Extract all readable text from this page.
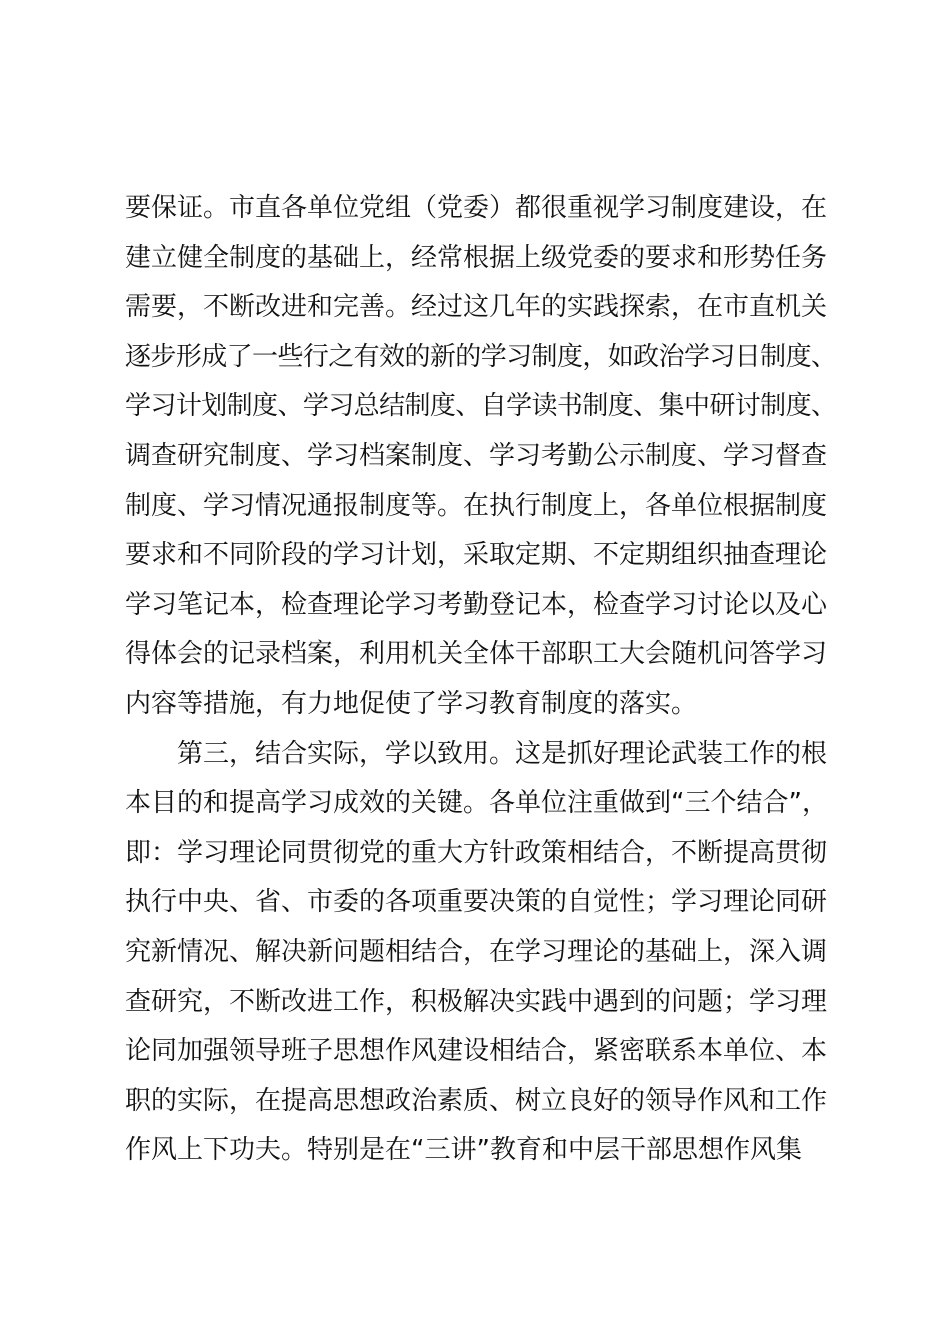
要保证。市直各单位党组（党委）都很重视学习制度建设，在
建立健全制度的基础上，经常根据上级党委的要求和形势任务
需要，不断改进和完善。经过这几年的实践探索，在市直机关
逐步形成了一些行之有效的新的学习制度，如政治学习日制度、
学习计划制度、学习总结制度、自学读书制度、集中研讨制度、
调查研究制度、学习档案制度、学习考勤公示制度、学习督查
制度、学习情况通报制度等。在执行制度上，各单位根据制度
要求和不同阶段的学习计划，采取定期、不定期组织抽查理论
学习笔记本，检查理论学习考勤登记本，检查学习讨论以及心
得体会的记录档案，利用机关全体干部职工大会随机问答学习
内容等措施，有力地促使了学习教育制度的落实。
第三，结合实际，学以致用。这是抓好理论武装工作的根
本目的和提高学习成效的关键。各单位注重做到“三个结合”，
即：学习理论同贯彻党的重大方针政策相结合，不断提高贯彻
执行中央、省、市委的各项重要决策的自觉性；学习理论同研
究新情况、解决新问题相结合，在学习理论的基础上，深入调
查研究，不断改进工作，积极解决实践中遇到的问题；学习理
论同加强领导班子思想作风建设相结合，紧密联系本单位、本
职的实际，在提高思想政治素质、树立良好的领导作风和工作
作风上下功夫。特别是在“三讲”教育和中层干部思想作风集
